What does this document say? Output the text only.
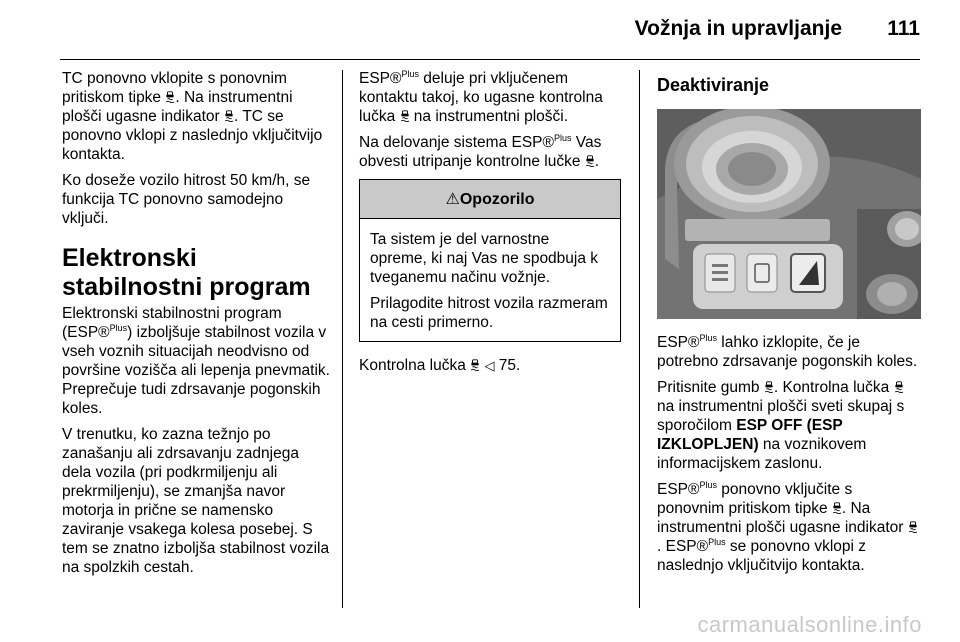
Vožnja in upravljanje 111

TC ponovno vklopite s ponovnim pritiskom tipke . Na instrumentni plošči ugasne indikator . TC se ponovno vklopi z naslednjo vključitvijo kontakta.

Ko doseže vozilo hitrost 50 km/h, se funkcija TC ponovno samodejno vključi.

Elektronski stabilnostni program

Elektronski stabilnostni program (ESP®$^{Plus}$) izboljšuje stabilnost vozila v vseh voznih situacijah neodvisno od površine vozišča ali lepenja pnevmatik. Preprečuje tudi zdrsavanje pogonskih koles.

V trenutku, ko zazna težnjo po zanašanju ali zdrsavanju zadnjega dela vozila (pri podkrmiljenju ali prekrmiljenju), se zmanjša navor motorja in prične se namensko zaviranje vsakega kolesa posebej. S tem se znatno izboljša stabilnost vozila na spolzkih cestah.

ESP®$^{Plus}$ deluje pri vključenem kontaktu takoj, ko ugasne kontrolna lučka  na instrumentni plošči.

Na delovanje sistema ESP®$^{Plus}$ Vas obvesti utripanje kontrolne lučke .

⚠ Opozorilo

Ta sistem je del varnostne opreme, ki naj Vas ne spodbuja k tveganemu načinu vožnje.

Prilagodite hitrost vozila razmeram na cesti primerno.

Kontrolna lučka  ◁ 75.

Deaktiviranje

ESP®$^{Plus}$ lahko izklopite, če je potrebno zdrsavanje pogonskih koles.

Pritisnite gumb . Kontrolna lučka  na instrumentni plošči sveti skupaj s sporočilom ESP OFF (ESP IZKLOPLJEN) na voznikovem informacijskem zaslonu.

ESP®$^{Plus}$ ponovno vključite s ponovnim pritiskom tipke . Na instrumentni plošči ugasne indikator . ESP®$^{Plus}$ se ponovno vklopi z naslednjo vključitvijo kontakta.

carmanualsonline.info
